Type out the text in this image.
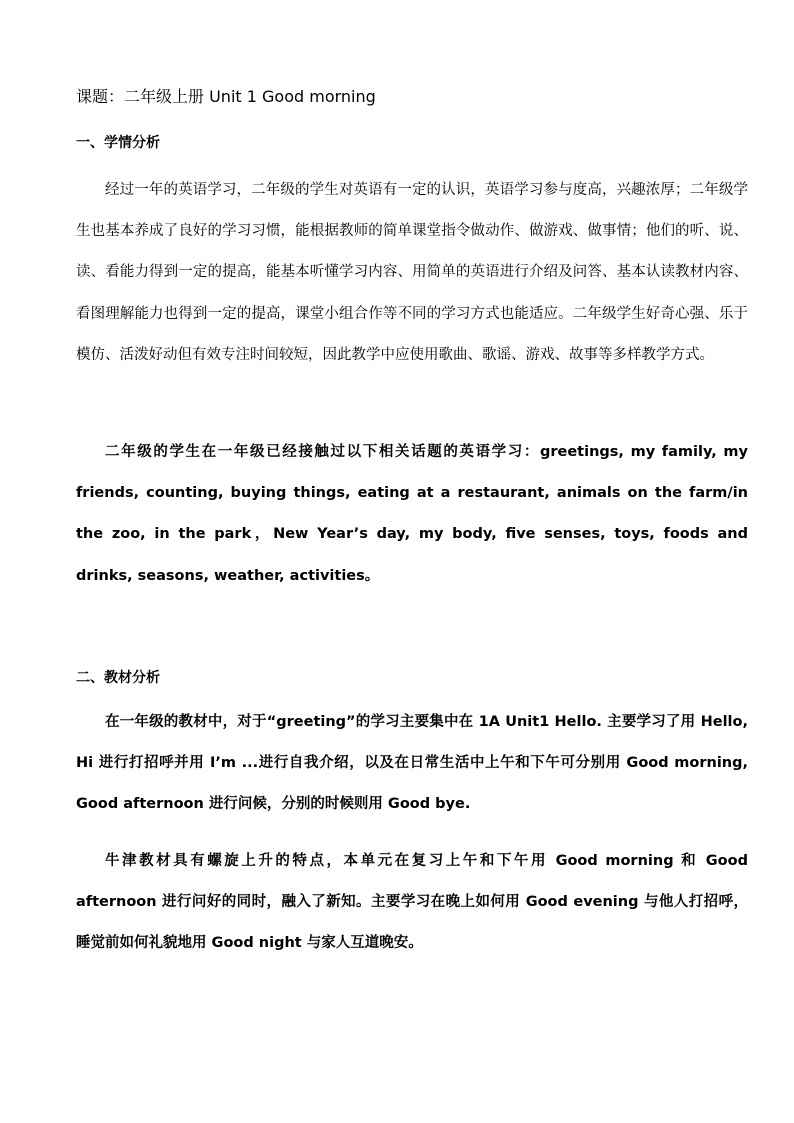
课题：二年级上册 Unit 1 Good morning
一、学情分析

经过一年的英语学习，二年级的学生对英语有一定的认识，英语学习参与度高，兴趣浓厚；二年级学生也基本养成了良好的学习习惯，能根据教师的简单课堂指令做动作、做游戏、做事情；他们的听、说、读、看能力得到一定的提高，能基本听懂学习内容、用简单的英语进行介绍及问答、基本认读教材内容、看图理解能力也得到一定的提高，课堂小组合作等不同的学习方式也能适应。二年级学生好奇心强、乐于模仿、活泼好动但有效专注时间较短，因此教学中应使用歌曲、歌谣、游戏、故事等多样教学方式。

二年级的学生在一年级已经接触过以下相关话题的英语学习：greetings, my family, my friends, counting, buying things, eating at a restaurant, animals on the farm/in the zoo, in the park，New Year’s day, my body, five senses, toys, foods and drinks, seasons, weather, activities。

二、教材分析

在一年级的教材中，对于“greeting”的学习主要集中在 1A Unit1 Hello. 主要学习了用 Hello, Hi 进行打招呼并用 I’m ...进行自我介绍，以及在日常生活中上午和下午可分别用 Good morning, Good afternoon 进行问候，分别的时候则用 Good bye.

牛津教材具有螺旋上升的特点，本单元在复习上午和下午用 Good morning 和 Good afternoon 进行问好的同时，融入了新知。主要学习在晚上如何用 Good evening 与他人打招呼，睡觉前如何礼貌地用 Good night 与家人互道晚安。
